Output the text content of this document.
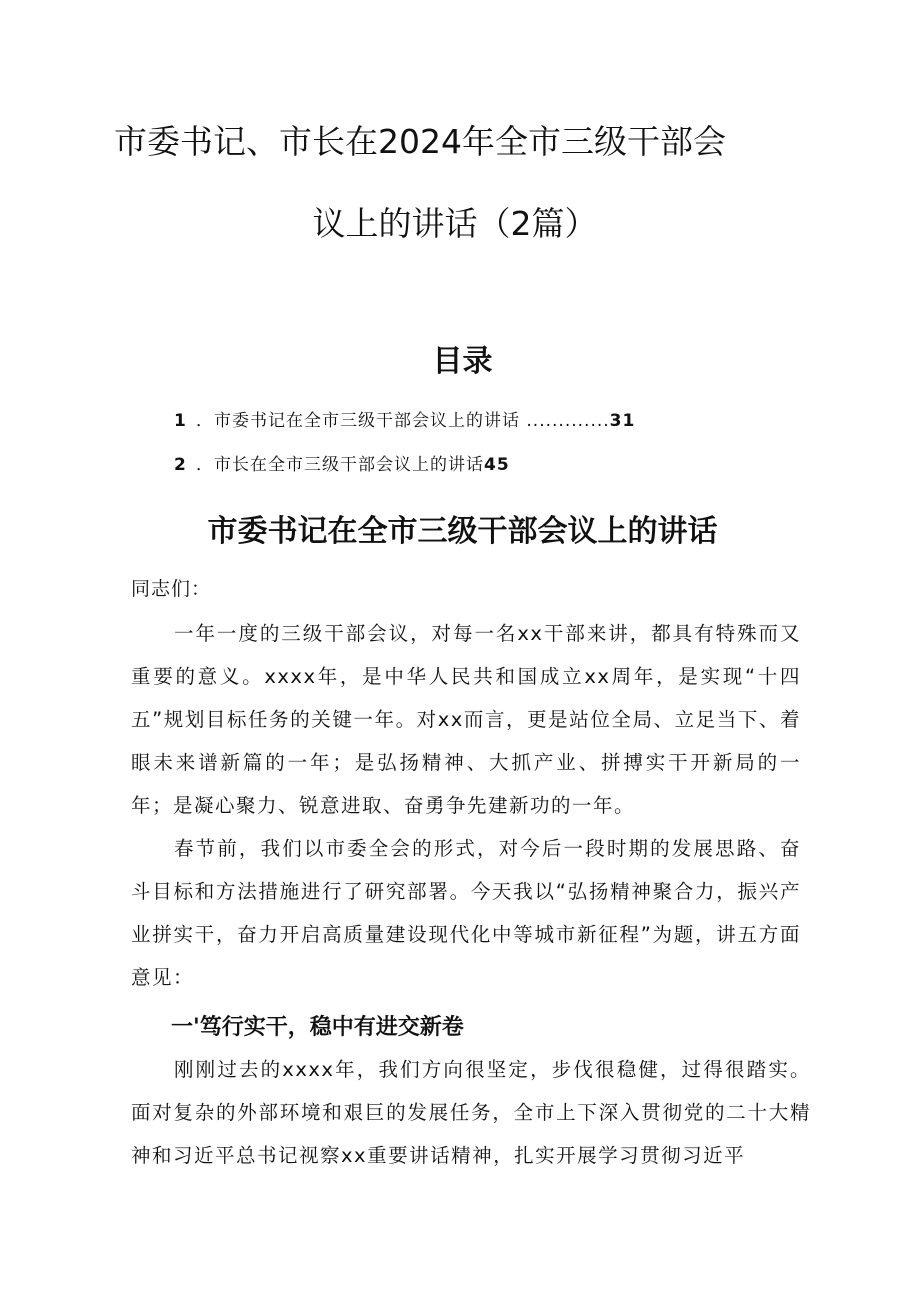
市委书记、市长在2024年全市三级干部会
议上的讲话（2篇）
目录
1 ．市委书记在全市三级干部会议上的讲话 .............31
2 ．市长在全市三级干部会议上的讲话45
市委书记在全市三级干部会议上的讲话

同志们：

一年一度的三级干部会议，对每一名xx干部来讲，都具有特殊而又重要的意义。xxxx年，是中华人民共和国成立xx周年，是实现“十四五”规划目标任务的关键一年。对xx而言，更是站位全局、立足当下、着眼未来谱新篇的一年；是弘扬精神、大抓产业、拼搏实干开新局的一年；是凝心聚力、锐意进取、奋勇争先建新功的一年。

春节前，我们以市委全会的形式，对今后一段时期的发展思路、奋斗目标和方法措施进行了研究部署。今天我以“弘扬精神聚合力，振兴产业拼实干，奋力开启高质量建设现代化中等城市新征程”为题，讲五方面意见：

一'笃行实干，稳中有进交新卷

刚刚过去的xxxx年，我们方向很坚定，步伐很稳健，过得很踏实。面对复杂的外部环境和艰巨的发展任务，全市上下深入贯彻党的二十大精神和习近平总书记视察xx重要讲话精神，扎实开展学习贯彻习近平
